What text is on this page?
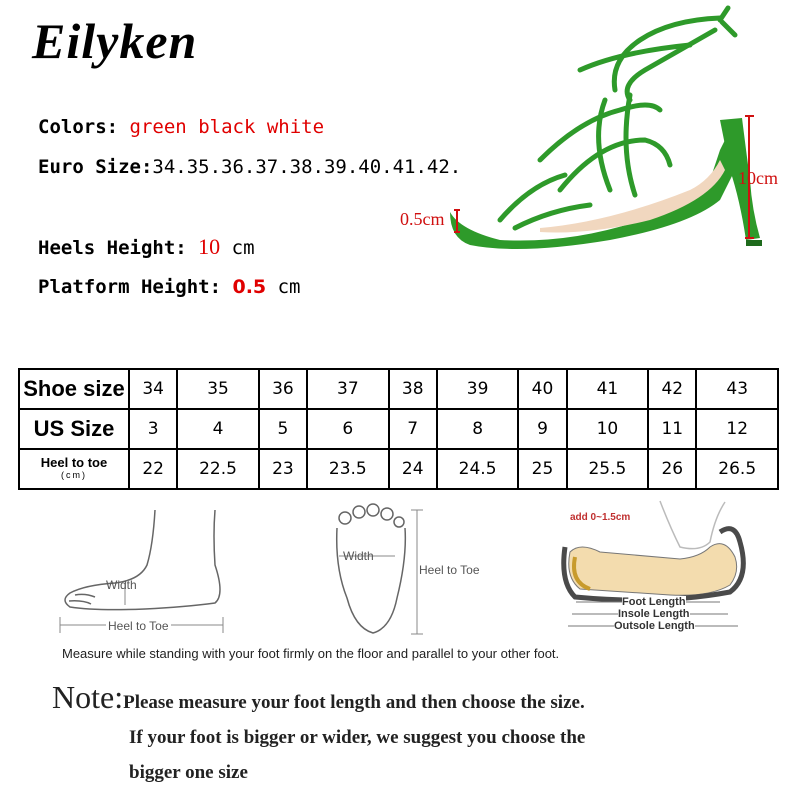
Eilyken
Colors: green black white
Euro Size:34.35.36.37.38.39.40.41.42.
Heels Height: 10 cm
Platform Height: 0.5 cm
0.5cm
10cm
Shoe size	34	35	36	37	38	39	40	41	42	43
US Size	3	4	5	6	7	8	9	10	11	12
Heel to toe
(cm)	22	22.5	23	23.5	24	24.5	25	25.5	26	26.5
Width
Heel to Toe
Width
Heel to Toe
add 0~1.5cm
Foot Length
Insole Length
Outsole Length
Measure while standing with your foot firmly on the floor and parallel to your other foot.
Note:Please measure your foot length and then choose the size.
If your foot is bigger or wider, we suggest you choose the
bigger one size
